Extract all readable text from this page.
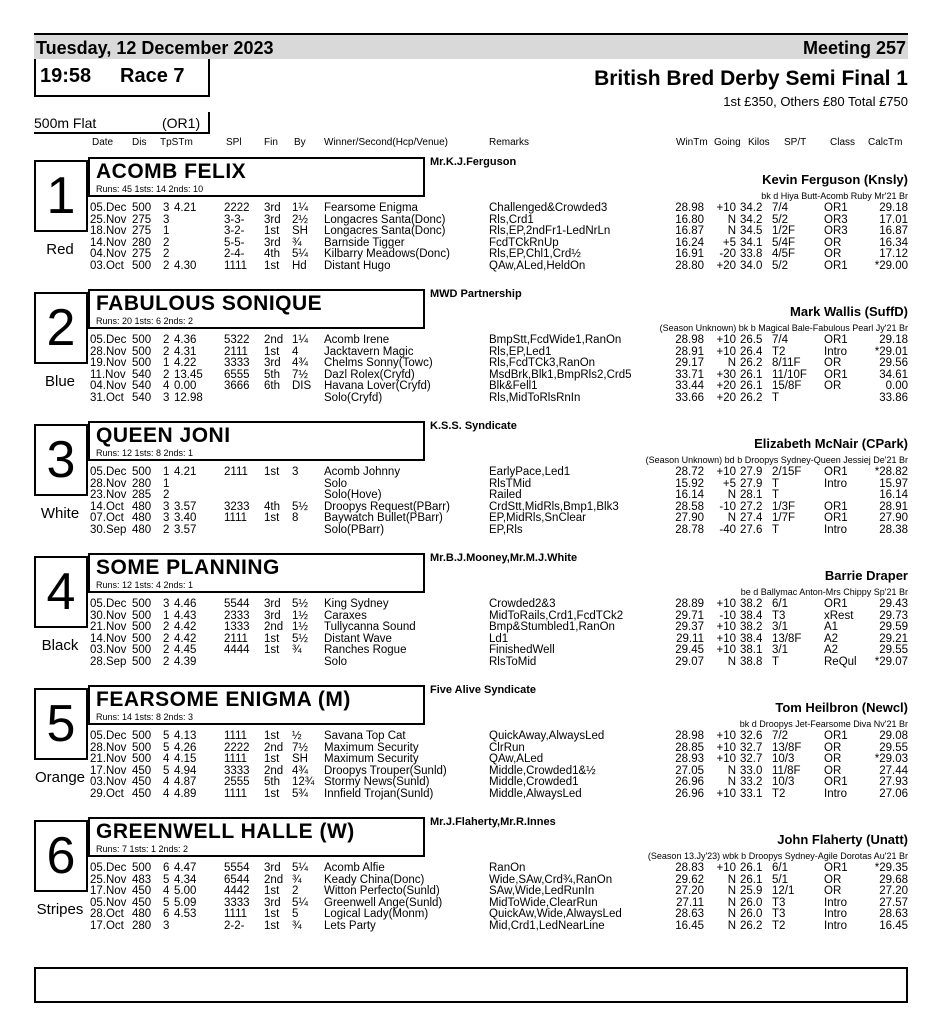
Tuesday, 12 December 2023	Meeting 257
19:58 Race 7
500m Flat	(OR1)
British Bred Derby Semi Final 1
1st £350, Others £80 Total £750
Date Dis TpSTm	SPl Fin By Winner/Second(Hcp/Venue)	Remarks	WinTm Going Kilos SP/T Class CalcTm
1
Red
ACOMB FELIX
Runs: 45 1sts: 14 2nds: 10
Mr.K.J.Ferguson
Kevin Ferguson (Knsly)
bk d Hiya Butt-Acomb Ruby Mr'21 Br
05.Dec 500 3 4.21 2222 3rd 1¼ Fearsome Enigma	Challenged&Crowded3	28.98	+10 34.2 7/4	OR1	29.18
25.Nov 275 3	3-3- 3rd 2½ Longacres Santa(Donc)	Rls,Crd1	16.80	N 34.2 5/2	OR3	17.01
18.Nov 275 1	3-2- 1st SH Longacres Santa(Donc)	Rls,EP,2ndFr1-LedNrLn	16.87	N 34.5 1/2F	OR3	16.87
14.Nov 280 2	5-5- 3rd ¾ Barnside Tigger	FcdTCkRnUp	16.24	+5 34.1 5/4F	OR	16.34
04.Nov 275 2	2-4- 4th 5¼ Kilbarry Meadows(Donc)	Rls,EP,Chl1,Crd½	16.91	-20 33.8 4/5F	OR	17.12
03.Oct 500 2 4.30 1111 1st Hd Distant Hugo	QAw,ALed,HeldOn	28.80	+20 34.0 5/2	OR1	*29.00
2
Blue
FABULOUS SONIQUE
Runs: 20 1sts: 6 2nds: 2
MWD Partnership
Mark Wallis (SuffD)
(Season Unknown) bk b Magical Bale-Fabulous Pearl Jy'21 Br
05.Dec 500 2 4.36 5322 2nd 1¼ Acomb Irene	BmpStt,FcdWide1,RanOn	28.98	+10 26.5 7/4	OR1	29.18
28.Nov 500 2 4.31 2111 1st 4 Jacktavern Magic	Rls,EP,Led1	28.91	+10 26.4 T2	Intro	*29.01
19.Nov 500 1 4.22 3333 3rd 4¾ Chelms Sonny(Towc)	Rls,FcdTCk3,RanOn	29.17	N 26.2 8/11F OR	29.56
11.Nov 540 2 13.45 6555 5th 7½ Dazl Rolex(Cryfd)	MsdBrk,Blk1,BmpRls2,Crd5	33.71	+30 26.1 11/10F OR1	34.61
04.Nov 540 4 0.00 3666 6th DIS Havana Lover(Cryfd)	Blk&Fell1	33.44	+20 26.1 15/8F OR	0.00
31.Oct 540 3 12.98	Solo(Cryfd)	Rls,MidToRlsRnIn	33.66	+20 26.2 T	33.86
3
White
QUEEN JONI
Runs: 12 1sts: 8 2nds: 1
K.S.S. Syndicate
Elizabeth McNair (CPark)
(Season Unknown) bd b Droopys Sydney-Queen Jessiej De'21 Br
05.Dec 500 1 4.21 2111 1st 3 Acomb Johnny	EarlyPace,Led1	28.72	+10 27.9 2/15F OR1	*28.82
28.Nov 280 1	Solo	RlsTMid	15.92	+5 27.9 T	Intro	15.97
23.Nov 285 2	Solo(Hove)	Railed	16.14	N 28.1 T	16.14
14.Oct 480 3 3.57 3233 4th 5½ Droopys Request(PBarr)	CrdStt,MidRls,Bmp1,Blk3	28.58	-10 27.2 1/3F	OR1	28.91
07.Oct 480 3 3.40 1111 1st 8 Baywatch Bullet(PBarr)	EP,MidRls,SnClear	27.90	N 27.4 1/7F	OR1	27.90
30.Sep 480 2 3.57	Solo(PBarr)	EP,Rls	28.78	-40 27.6 T	Intro	28.38
4
Black
SOME PLANNING
Runs: 12 1sts: 4 2nds: 1
Mr.B.J.Mooney,Mr.M.J.White
Barrie Draper
be d Ballymac Anton-Mrs Chippy Sp'21 Br
05.Dec 500 3 4.46 5544 3rd 5½ King Sydney	Crowded2&3	28.89	+10 38.2 6/1	OR1	29.43
30.Nov 500 1 4.43 2333 3rd 1½ Caraxes	MidToRails,Crd1,FcdTCk2	29.71	-10 38.4 T3	xRest	29.73
21.Nov 500 2 4.42 1333 2nd 1½ Tullycanna Sound	Bmp&Stumbled1,RanOn	29.37	+10 38.2 3/1	A1	29.59
14.Nov 500 2 4.42 2111 1st 5½ Distant Wave	Ld1	29.11	+10 38.4 13/8F A2	29.21
03.Nov 500 2 4.45 4444 1st ¾ Ranches Rogue	FinishedWell	29.45	+10 38.1 3/1	A2	29.55
28.Sep 500 2 4.39	Solo	RlsToMid	29.07	N 38.8 T	ReQul	*29.07
5
Orange
FEARSOME ENIGMA (M)
Runs: 14 1sts: 8 2nds: 3
Five Alive Syndicate
Tom Heilbron (Newcl)
bk d Droopys Jet-Fearsome Diva Nv'21 Br
05.Dec 500 5 4.13 1111 1st ½ Savana Top Cat	QuickAway,AlwaysLed	28.98	+10 32.6 7/2	OR1	29.08
28.Nov 500 5 4.26 2222 2nd 7½ Maximum Security	ClrRun	28.85	+10 32.7 13/8F OR	29.55
21.Nov 500 4 4.15 1111 1st SH Maximum Security	QAw,ALed	28.93	+10 32.7 10/3	OR	*29.03
17.Nov 450 5 4.94 3333 2nd 4¾ Droopys Trouper(Sunld)	Middle,Crowded1&½	27.05	N 33.0 11/8F OR	27.44
03.Nov 450 4 4.87 2555 5th 12¾ Stormy News(Sunld)	Middle,Crowded1	26.96	N 33.2 10/3	OR1	27.93
29.Oct 450 4 4.89 1111 1st 5¾ Innfield Trojan(Sunld)	Middle,AlwaysLed	26.96	+10 33.1 T2	Intro	27.06
6
Stripes
GREENWELL HALLE (W)
Runs: 7 1sts: 1 2nds: 2
Mr.J.Flaherty,Mr.R.Innes
John Flaherty (Unatt)
(Season 13.Jy'23) wbk b Droopys Sydney-Agile Dorotas Au'21 Br
05.Dec 500 6 4.47 5554 3rd 5¼ Acomb Alfie	RanOn	28.83	+10 26.1 6/1	OR1	*29.35
25.Nov 483 5 4.34 6544 2nd ¾ Keady China(Donc)	Wide,SAw,Crd¾,RanOn	29.62	N 26.1 5/1	OR	29.68
17.Nov 450 4 5.00 4442 1st 2 Witton Perfecto(Sunld)	SAw,Wide,LedRunIn	27.20	N 25.9 12/1	OR	27.20
05.Nov 450 5 5.09 3333 3rd 5¼ Greenwell Ange(Sunld)	MidToWide,ClearRun	27.11	N 26.0 T3	Intro	27.57
28.Oct 480 6 4.53 1111 1st 5 Logical Lady(Monm)	QuickAw,Wide,AlwaysLed	28.63	N 26.0 T3	Intro	28.63
17.Oct 280 3	2-2- 1st ¾ Lets Party	Mid,Crd1,LedNearLine	16.45	N 26.2 T2	Intro	16.45
